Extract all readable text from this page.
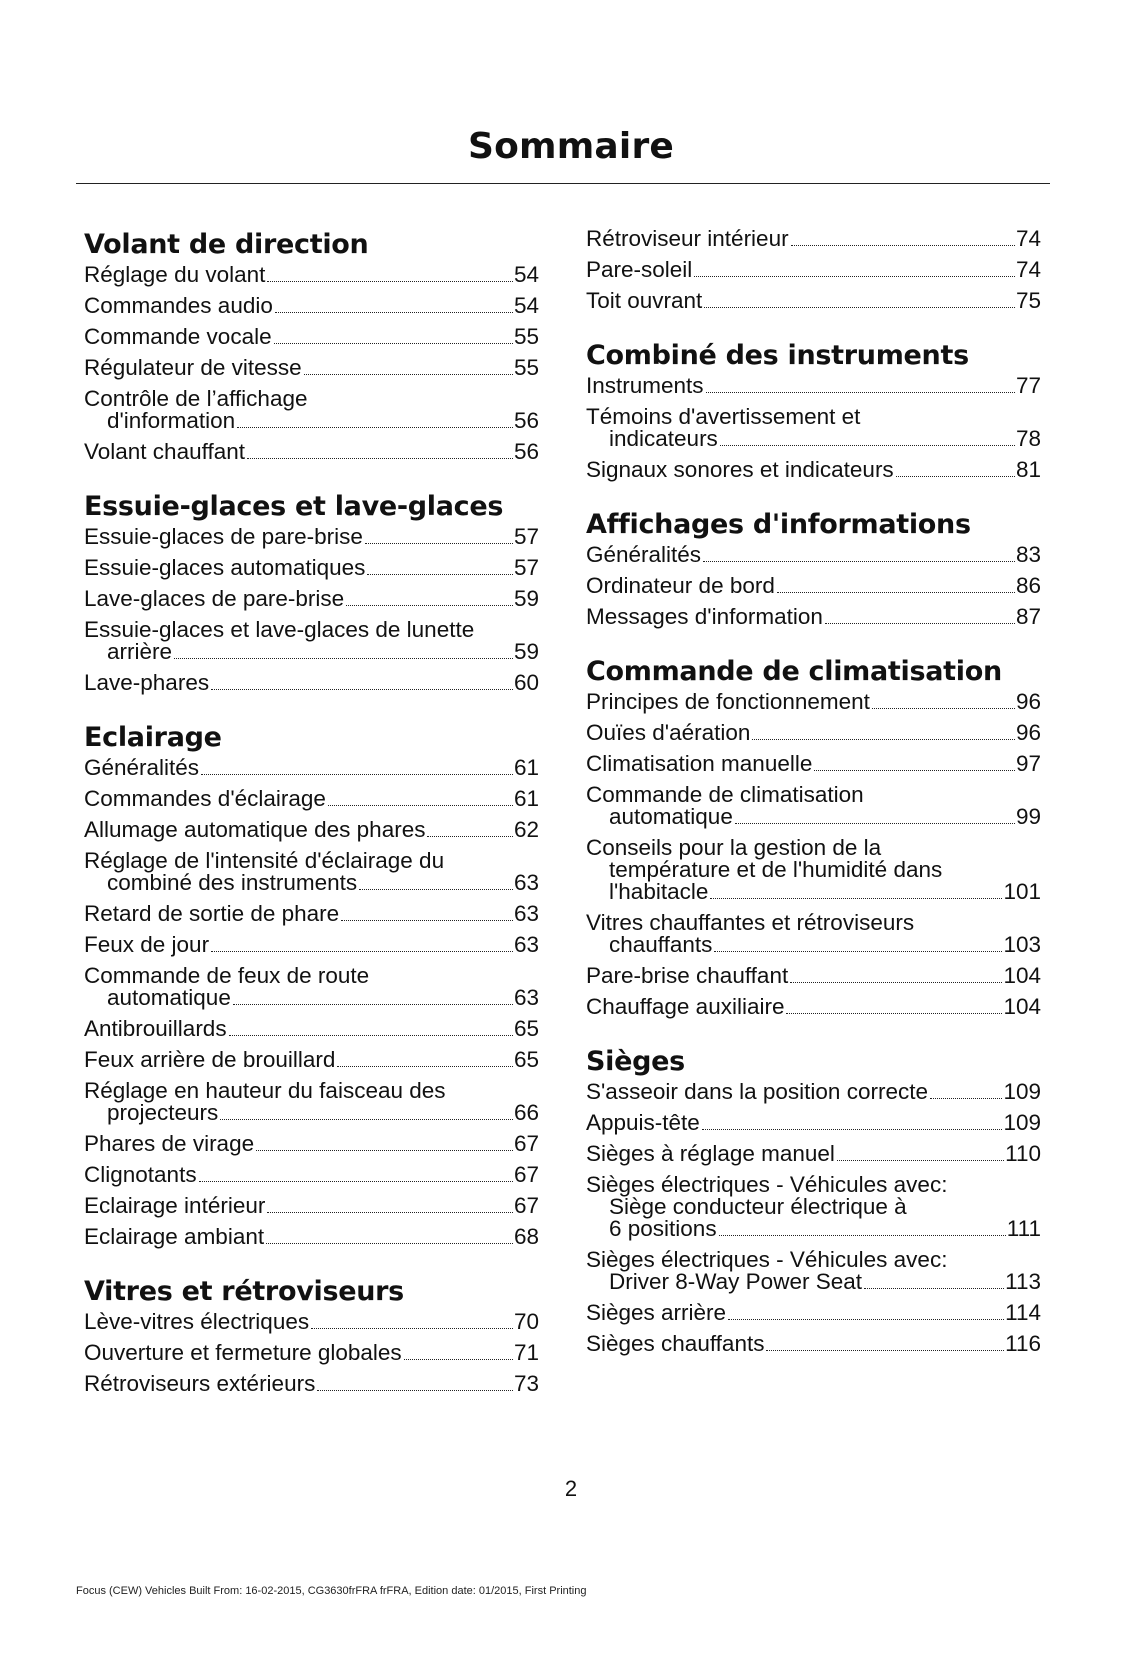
Sommaire
Volant de direction
Réglage du volant	54
Commandes audio	54
Commande vocale	55
Régulateur de vitesse	55
Contrôle de l’affichage
d'information	56
Volant chauffant	56
Essuie-glaces et lave-glaces
Essuie-glaces de pare-brise	57
Essuie-glaces automatiques	57
Lave-glaces de pare-brise	59
Essuie-glaces et lave-glaces de lunette
arrière	59
Lave-phares	60
Eclairage
Généralités	61
Commandes d'éclairage	61
Allumage automatique des phares	62
Réglage de l'intensité d'éclairage du
combiné des instruments	63
Retard de sortie de phare	63
Feux de jour	63
Commande de feux de route
automatique	63
Antibrouillards	65
Feux arrière de brouillard	65
Réglage en hauteur du faisceau des
projecteurs	66
Phares de virage	67
Clignotants	67
Eclairage intérieur	67
Eclairage ambiant	68
Vitres et rétroviseurs
Lève-vitres électriques	70
Ouverture et fermeture globales	71
Rétroviseurs extérieurs	73
Rétroviseur intérieur	74
Pare-soleil	74
Toit ouvrant	75
Combiné des instruments
Instruments	77
Témoins d'avertissement et
indicateurs	78
Signaux sonores et indicateurs	81
Affichages d'informations
Généralités	83
Ordinateur de bord	86
Messages d'information	87
Commande de climatisation
Principes de fonctionnement	96
Ouïes d'aération	96
Climatisation manuelle	97
Commande de climatisation
automatique	99
Conseils pour la gestion de la
température et de l'humidité dans
l'habitacle	101
Vitres chauffantes et rétroviseurs
chauffants	103
Pare-brise chauffant	104
Chauffage auxiliaire	104
Sièges
S'asseoir dans la position correcte	109
Appuis-tête	109
Sièges à réglage manuel	110
Sièges électriques - Véhicules avec:
Siège conducteur électrique à
6 positions	111
Sièges électriques - Véhicules avec:
Driver 8-Way Power Seat	113
Sièges arrière	114
Sièges chauffants	116
2
Focus (CEW) Vehicles Built From: 16-02-2015, CG3630frFRA frFRA, Edition date: 01/2015, First Printing
